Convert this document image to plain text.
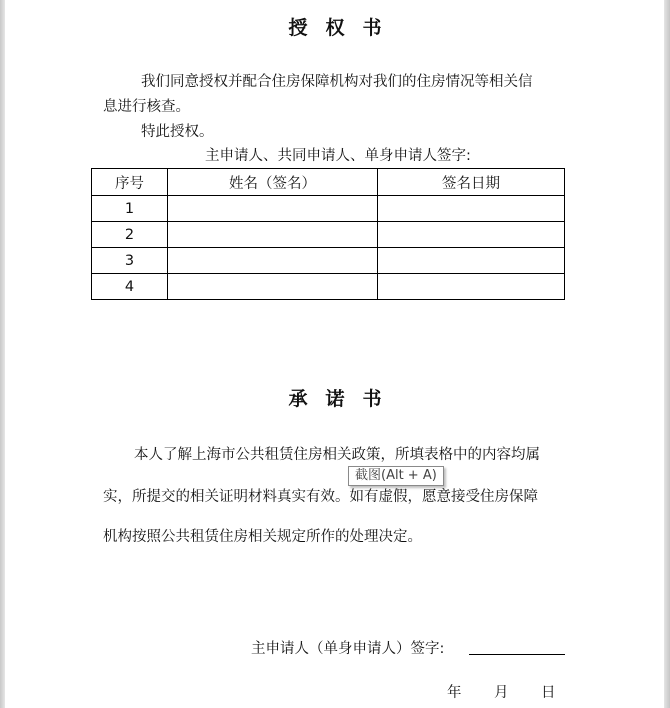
授权书
我们同意授权并配合住房保障机构对我们的住房情况等相关信
息进行核查。
特此授权。
主申请人、共同申请人、单身申请人签字:
序号	姓名（签名）	签名日期
1		
2		
3		
4		
承诺书
本人了解上海市公共租赁住房相关政策，所填表格中的内容均属
实，所提交的相关证明材料真实有效。如有虚假，愿意接受住房保障
机构按照公共租赁住房相关规定所作的处理决定。
截图(Alt + A)
主申请人（单身申请人）签字:
年 月 日
